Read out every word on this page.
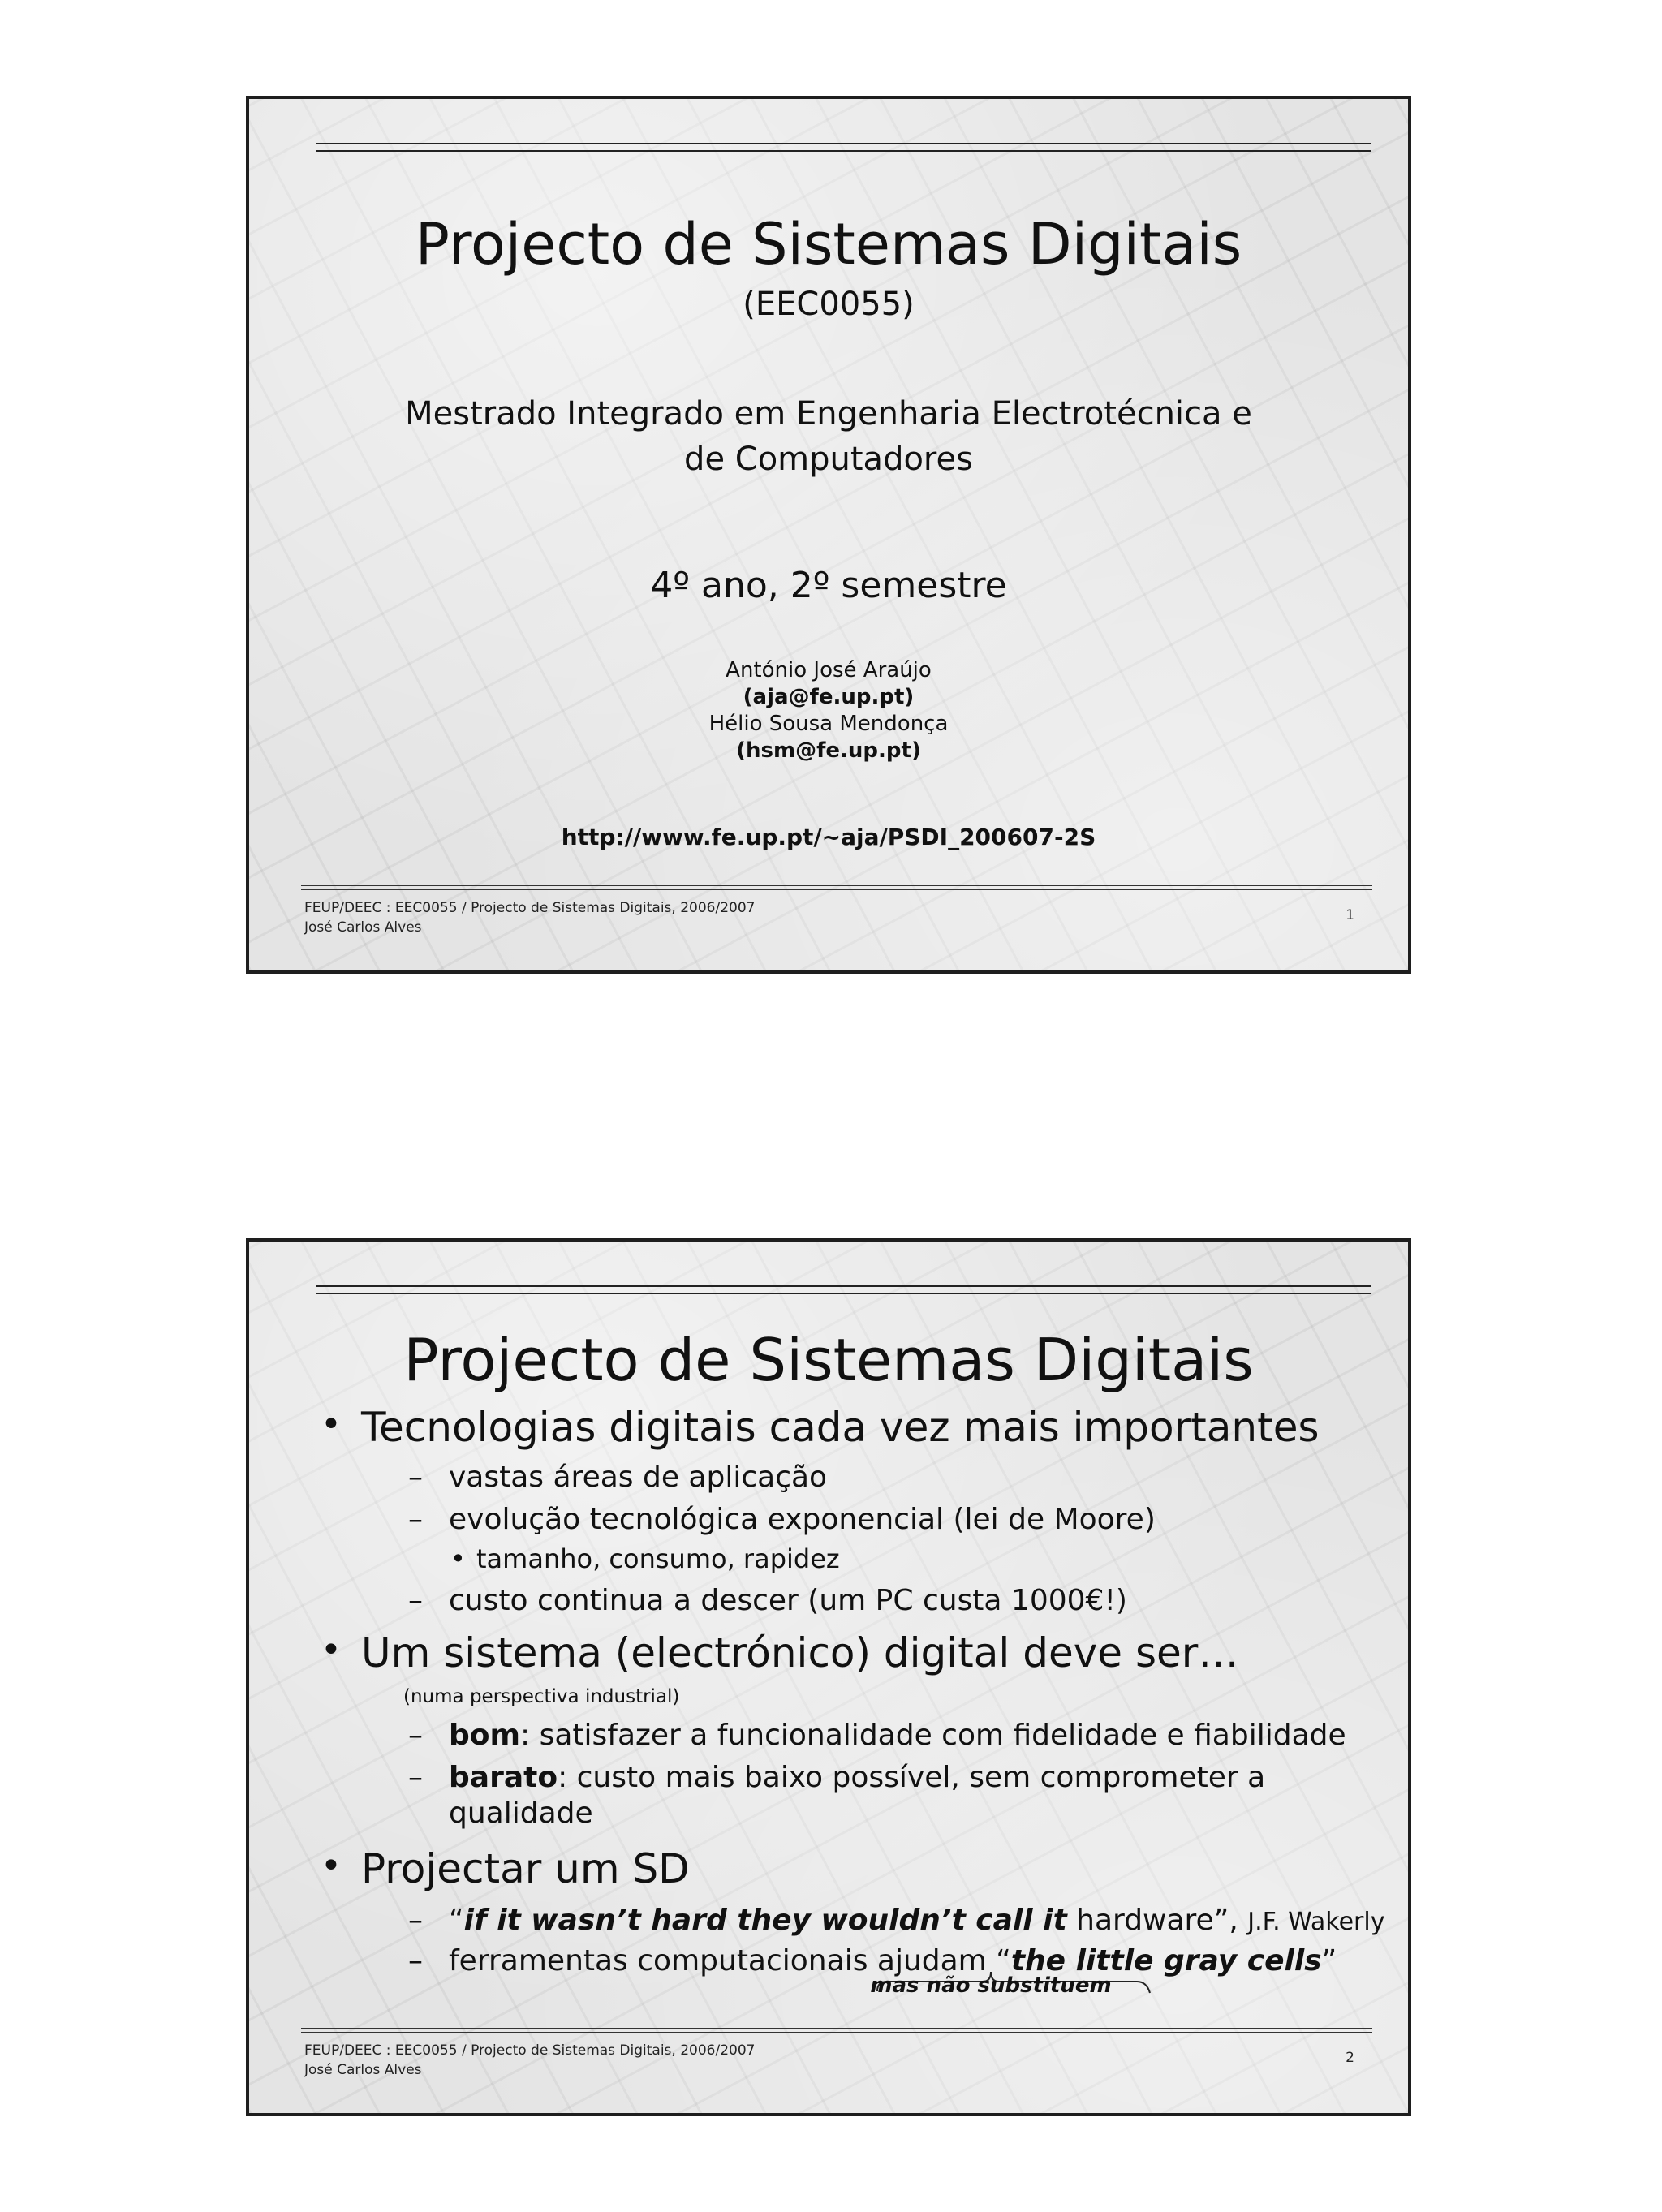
Projecto de Sistemas Digitais
(EEC0055)
Mestrado Integrado em Engenharia Electrotécnica e
de Computadores
4º ano, 2º semestre
António José Araújo
(aja@fe.up.pt)
Hélio Sousa Mendonça
(hsm@fe.up.pt)
http://www.fe.up.pt/~aja/PSDI_200607-2S
FEUP/DEEC : EEC0055 / Projecto de Sistemas Digitais, 2006/2007
José Carlos Alves
1
Projecto de Sistemas Digitais
• Tecnologias digitais cada vez mais importantes
– vastas áreas de aplicação
– evolução tecnológica exponencial (lei de Moore)
• tamanho, consumo, rapidez
– custo continua a descer (um PC custa 1000€!)
• Um sistema (electrónico) digital deve ser…
(numa perspectiva industrial)
– bom: satisfazer a funcionalidade com fidelidade e fiabilidade
– barato: custo mais baixo possível, sem comprometer a
qualidade
• Projectar um SD
– “if it wasn’t hard they wouldn’t call it hardware”, J.F. Wakerly
– ferramentas computacionais ajudam “the little gray cells”
mas não substituem
FEUP/DEEC : EEC0055 / Projecto de Sistemas Digitais, 2006/2007
José Carlos Alves
2
